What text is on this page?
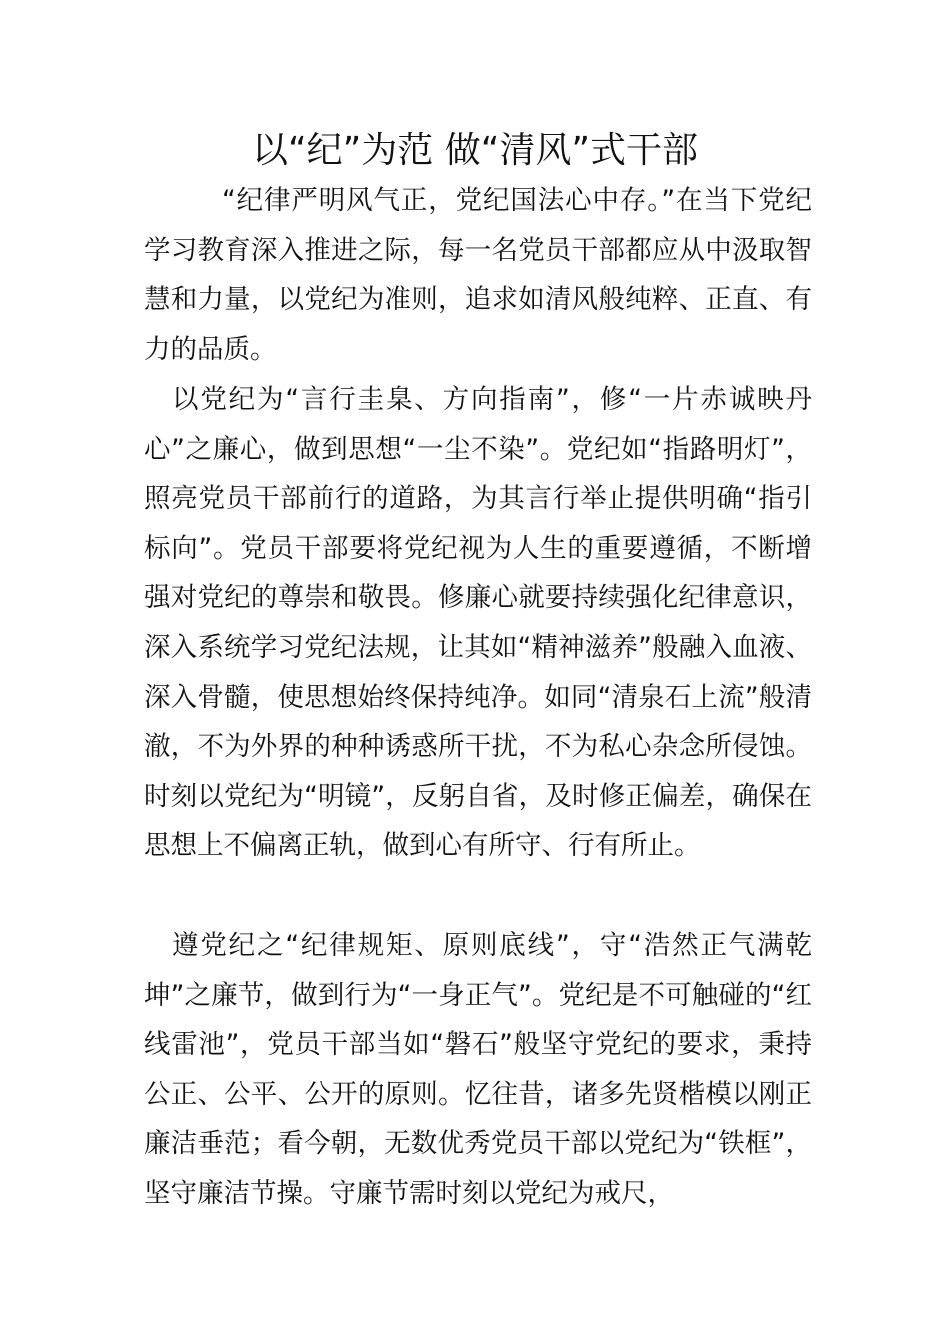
以“纪”为范 做“清风”式干部

“纪律严明风气正，党纪国法心中存。”在当下党纪学习教育深入推进之际，每一名党员干部都应从中汲取智慧和力量，以党纪为准则，追求如清风般纯粹、正直、有力的品质。

以党纪为“言行圭臬、方向指南”，修“一片赤诚映丹心”之廉心，做到思想“一尘不染”。党纪如“指路明灯”，照亮党员干部前行的道路，为其言行举止提供明确“指引标向”。党员干部要将党纪视为人生的重要遵循，不断增强对党纪的尊崇和敬畏。修廉心就要持续强化纪律意识，深入系统学习党纪法规，让其如“精神滋养”般融入血液、深入骨髓，使思想始终保持纯净。如同“清泉石上流”般清澈，不为外界的种种诱惑所干扰，不为私心杂念所侵蚀。时刻以党纪为“明镜”，反躬自省，及时修正偏差，确保在思想上不偏离正轨，做到心有所守、行有所止。

遵党纪之“纪律规矩、原则底线”，守“浩然正气满乾坤”之廉节，做到行为“一身正气”。党纪是不可触碰的“红线雷池”，党员干部当如“磐石”般坚守党纪的要求，秉持公正、公平、公开的原则。忆往昔，诸多先贤楷模以刚正廉洁垂范；看今朝，无数优秀党员干部以党纪为“铁框”，坚守廉洁节操。守廉节需时刻以党纪为戒尺，
